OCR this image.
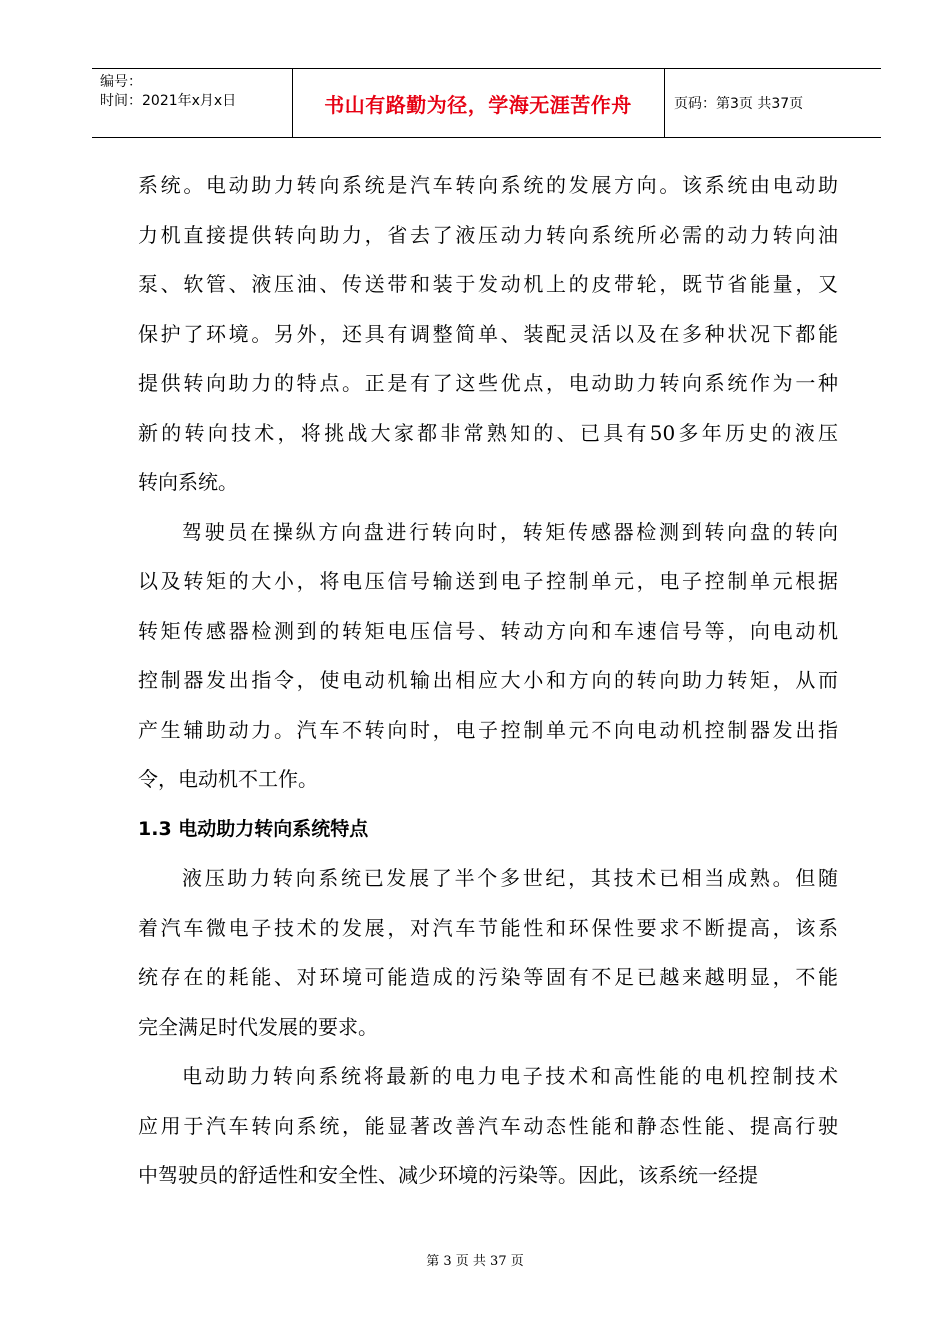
编号：
时间：2021年x月x日	书山有路勤为径，学海无涯苦作舟	页码：第3页 共37页
系统。电动助力转向系统是汽车转向系统的发展方向。该系统由电动助
力机直接提供转向助力，省去了液压动力转向系统所必需的动力转向油
泵、软管、液压油、传送带和装于发动机上的皮带轮，既节省能量，又
保护了环境。另外，还具有调整简单、装配灵活以及在多种状况下都能
提供转向助力的特点。正是有了这些优点，电动助力转向系统作为一种
新的转向技术，将挑战大家都非常熟知的、已具有50多年历史的液压
转向系统。
驾驶员在操纵方向盘进行转向时，转矩传感器检测到转向盘的转向
以及转矩的大小，将电压信号输送到电子控制单元，电子控制单元根据
转矩传感器检测到的转矩电压信号、转动方向和车速信号等，向电动机
控制器发出指令，使电动机输出相应大小和方向的转向助力转矩，从而
产生辅助动力。汽车不转向时，电子控制单元不向电动机控制器发出指
令，电动机不工作。
1.3 电动助力转向系统特点
液压助力转向系统已发展了半个多世纪，其技术已相当成熟。但随
着汽车微电子技术的发展，对汽车节能性和环保性要求不断提高，该系
统存在的耗能、对环境可能造成的污染等固有不足已越来越明显，不能
完全满足时代发展的要求。
电动助力转向系统将最新的电力电子技术和高性能的电机控制技术
应用于汽车转向系统，能显著改善汽车动态性能和静态性能、提高行驶
中驾驶员的舒适性和安全性、减少环境的污染等。因此，该系统一经提
第 3 页 共 37 页
